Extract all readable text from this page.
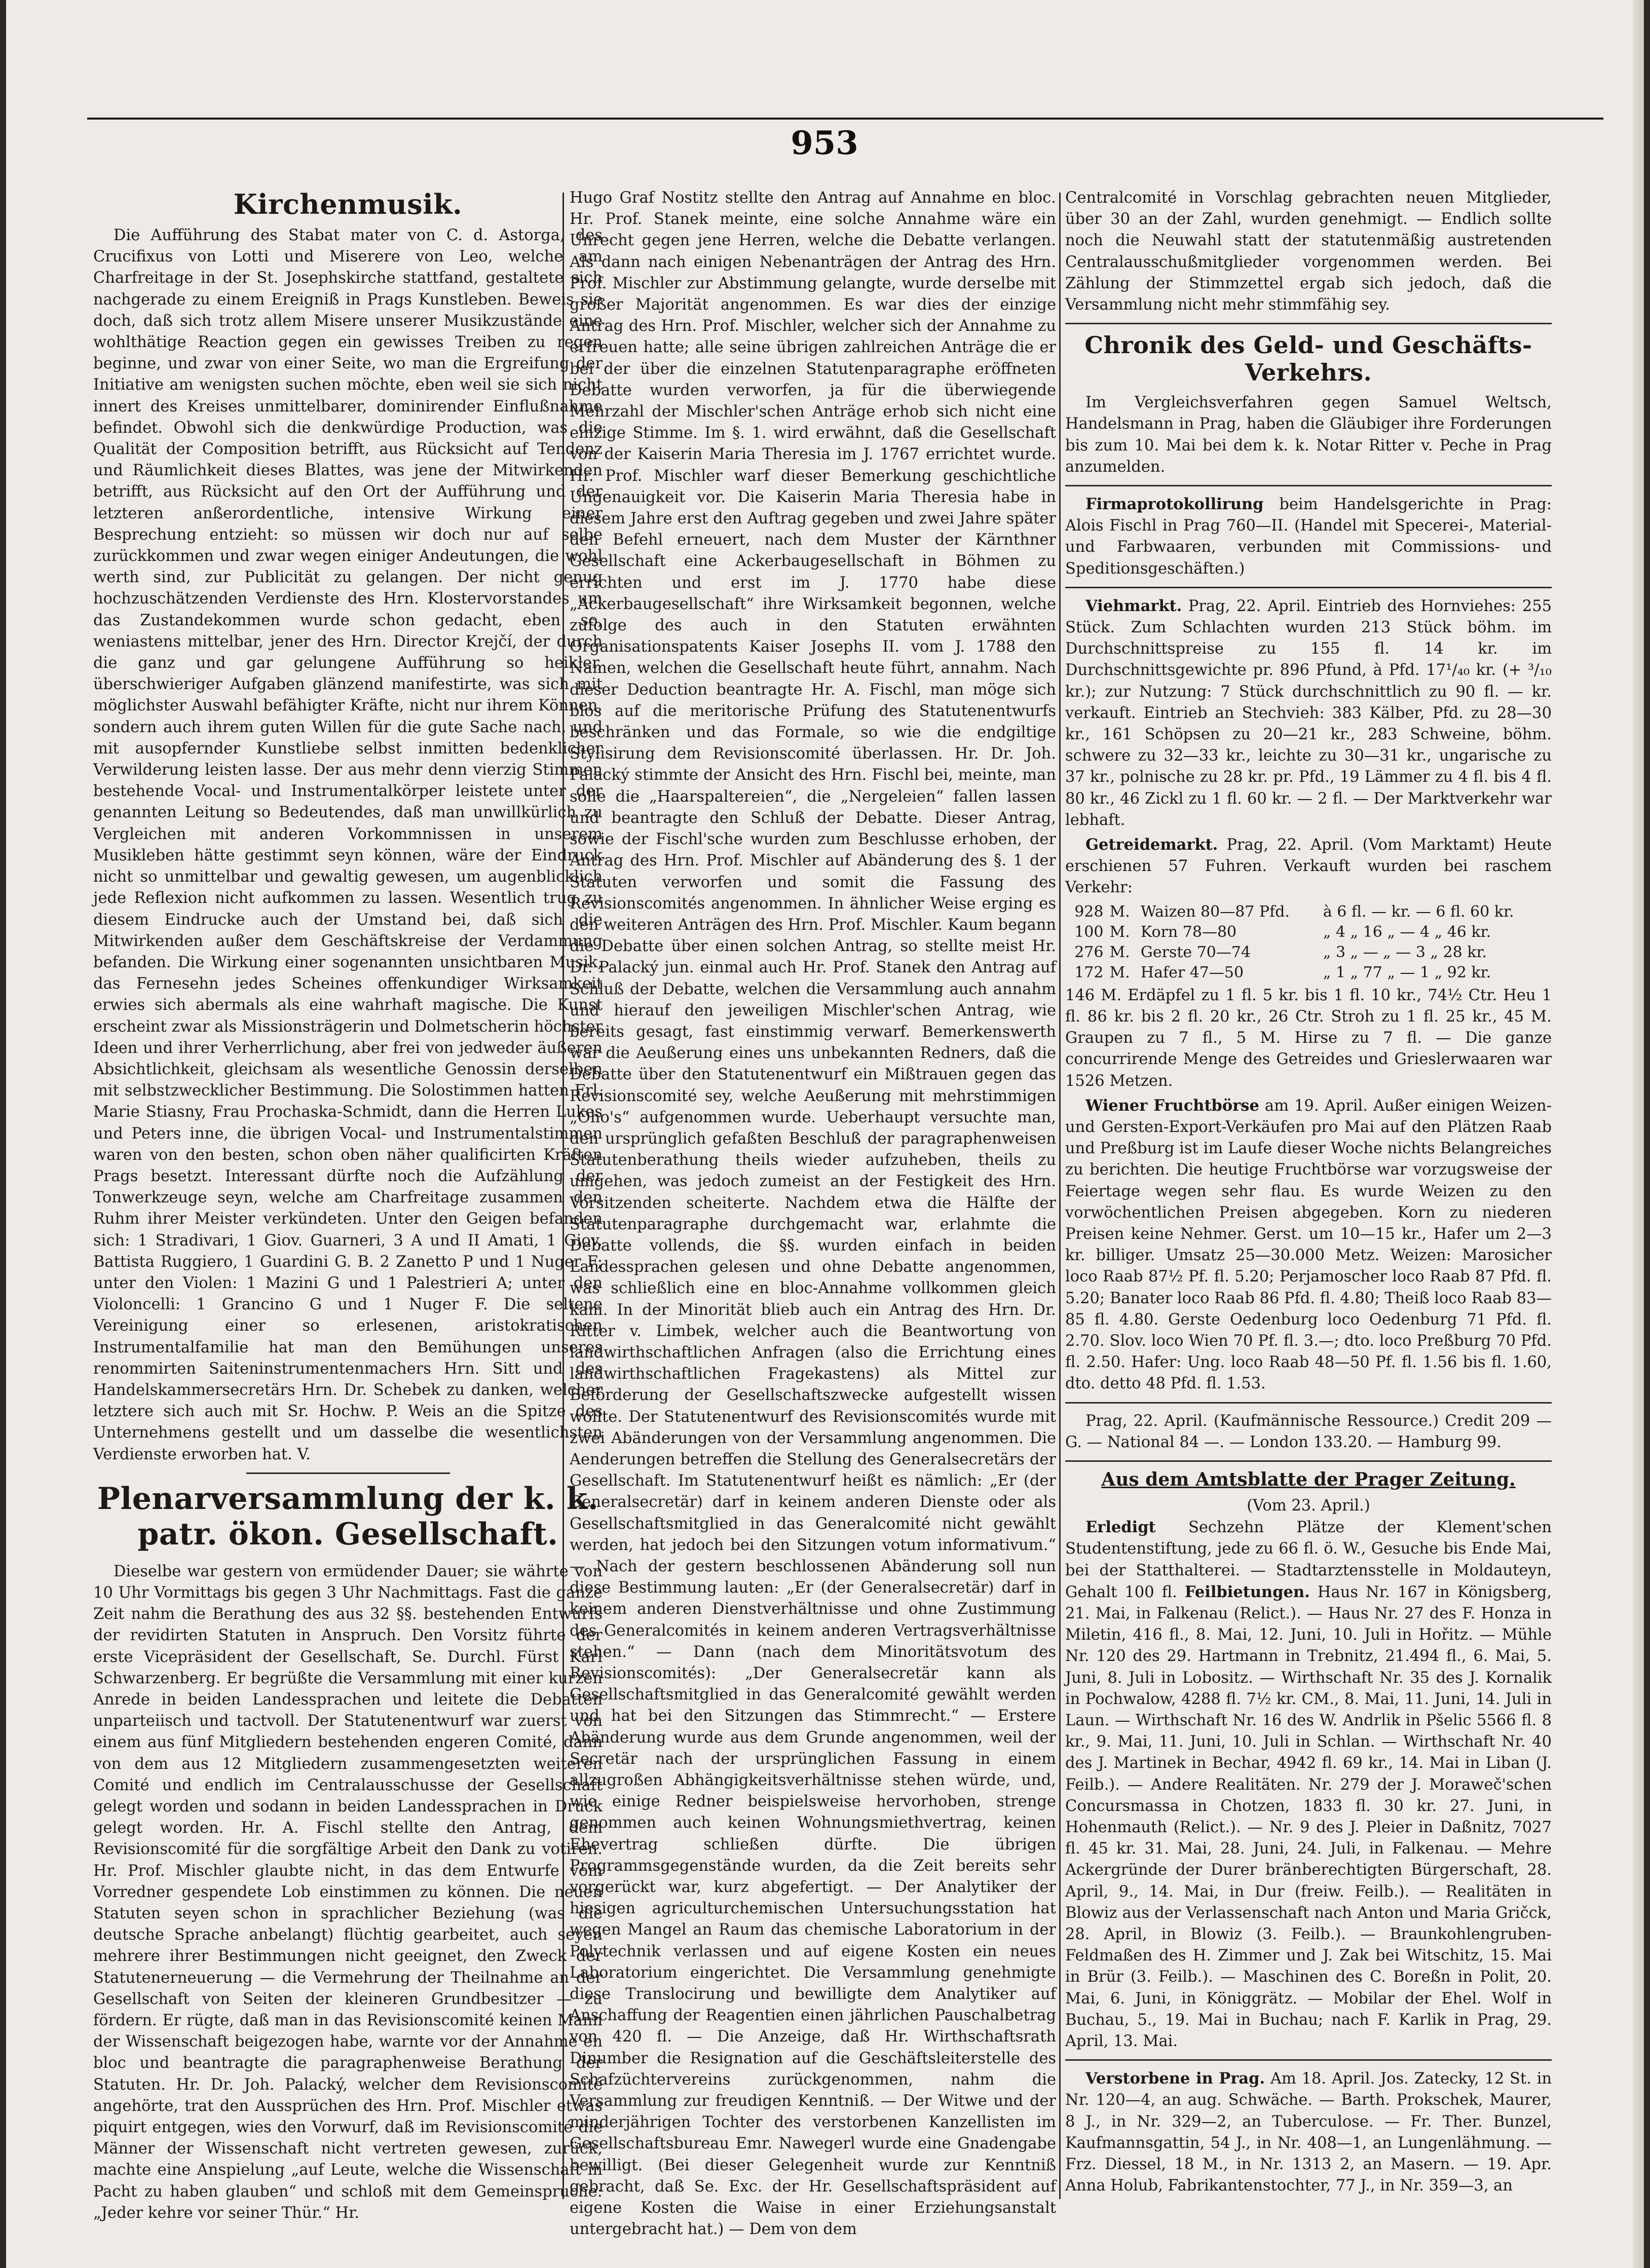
953
Kirchenmusik.

Die Aufführung des Stabat mater von C. d. Astorga, des Crucifixus von Lotti und Miserere von Leo, welche am Charfreitage in der St. Josephskirche stattfand, gestaltete sich nachgerade zu einem Ereigniß in Prags Kunstleben. Beweis sie doch, daß sich trotz allem Misere unserer Musikzustände eine wohlthätige Reaction gegen ein gewisses Treiben zu regen beginne, und zwar von einer Seite, wo man die Ergreifung der Initiative am wenigsten suchen möchte, eben weil sie sich nicht innert des Kreises unmittelbarer, dominirender Einflußnahme befindet. Obwohl sich die denkwürdige Production, was die Qualität der Composition betrifft, aus Rücksicht auf Tendenz und Räumlichkeit dieses Blattes, was jene der Mitwirkenden betrifft, aus Rücksicht auf den Ort der Aufführung und der letzteren anßerordentliche, intensive Wirkung einer Besprechung entzieht: so müssen wir doch nur auf selbe zurückkommen und zwar wegen einiger Andeutungen, die wohl werth sind, zur Publicität zu gelangen. Der nicht genug hochzuschätzenden Verdienste des Hrn. Klostervorstandes um das Zustandekommen wurde schon gedacht, eben so, weniastens mittelbar, jener des Hrn. Director Krejčí, der durch die ganz und gar gelungene Aufführung so heikler, überschwieriger Aufgaben glänzend manifestirte, was sich mit möglichster Auswahl befähigter Kräfte, nicht nur ihrem Können, sondern auch ihrem guten Willen für die gute Sache nach, und mit ausopfernder Kunstliebe selbst inmitten bedenklicher Verwilderung leisten lasse. Der aus mehr denn vierzig Stimmen bestehende Vocal- und Instrumentalkörper leistete unter der genannten Leitung so Bedeutendes, daß man unwillkürlich zu Vergleichen mit anderen Vorkommnissen in unserem Musikleben hätte gestimmt seyn können, wäre der Eindruck nicht so unmittelbar und gewaltig gewesen, um augenblicklich jede Reflexion nicht aufkommen zu lassen. Wesentlich trug zu diesem Eindrucke auch der Umstand bei, daß sich die Mitwirkenden außer dem Geschäftskreise der Verdammung befanden. Die Wirkung einer sogenannten unsichtbaren Musik, das Fernesehn jedes Scheines offenkundiger Wirksamkeit erwies sich abermals als eine wahrhaft magische. Die Kunst erscheint zwar als Missionsträgerin und Dolmetscherin höchster Ideen und ihrer Verherrlichung, aber frei von jedweder äußeren Absichtlichkeit, gleichsam als wesentliche Genossin derselben mit selbstzwecklicher Bestimmung. Die Solostimmen hatten Frl. Marie Stiasny, Frau Prochaska-Schmidt, dann die Herren Lukes und Peters inne, die übrigen Vocal- und Instrumentalstimmen waren von den besten, schon oben näher qualificirten Kräften Prags besetzt. Interessant dürfte noch die Aufzählung der Tonwerkzeuge seyn, welche am Charfreitage zusammen den Ruhm ihrer Meister verkündeten. Unter den Geigen befanden sich: 1 Stradivari, 1 Giov. Guarneri, 3 A und II Amati, 1 Giov. Battista Ruggiero, 1 Guardini G. B. 2 Zanetto P und 1 Nuger F; unter den Violen: 1 Mazini G und 1 Palestrieri A; unter den Violoncelli: 1 Grancino G und 1 Nuger F. Die seltene Vereinigung einer so erlesenen, aristokratischen Instrumentalfamilie hat man den Bemühungen unseres renommirten Saiteninstrumentenmachers Hrn. Sitt und des Handelskammersecretärs Hrn. Dr. Schebek zu danken, welcher letztere sich auch mit Sr. Hochw. P. Weis an die Spitze des Unternehmens gestellt und um dasselbe die wesentlichsten Verdienste erworben hat. V.

Plenarversammlung der k. k. patr. ökon. Gesellschaft.

Dieselbe war gestern von ermüdender Dauer; sie währte von 10 Uhr Vormittags bis gegen 3 Uhr Nachmittags. Fast die ganze Zeit nahm die Berathung des aus 32 §§. bestehenden Entwurfs der revidirten Statuten in Anspruch. Den Vorsitz führte der erste Vicepräsident der Gesellschaft, Se. Durchl. Fürst Karl Schwarzenberg. Er begrüßte die Versammlung mit einer kurzen Anrede in beiden Landessprachen und leitete die Debatten unparteiisch und tactvoll. Der Statutenentwurf war zuerst von einem aus fünf Mitgliedern bestehenden engeren Comité, dann von dem aus 12 Mitgliedern zusammengesetzten weiteren Comité und endlich im Centralausschusse der Gesellschaft gelegt worden und sodann in beiden Landessprachen in Druck gelegt worden. Hr. A. Fischl stellte den Antrag, dem Revisionscomité für die sorgfältige Arbeit den Dank zu votiren. Hr. Prof. Mischler glaubte nicht, in das dem Entwurfe vom Vorredner gespendete Lob einstimmen zu können. Die neuen Statuten seyen schon in sprachlicher Beziehung (was die deutsche Sprache anbelangt) flüchtig gearbeitet, auch seyen mehrere ihrer Bestimmungen nicht geeignet, den Zweck der Statutenerneuerung — die Vermehrung der Theilnahme an der Gesellschaft von Seiten der kleineren Grundbesitzer — zu fördern. Er rügte, daß man in das Revisionscomité keinen Mann der Wissenschaft beigezogen habe, warnte vor der Annahme en bloc und beantragte die paragraphenweise Berathung der Statuten. Hr. Dr. Joh. Palacký, welcher dem Revisionscomité angehörte, trat den Aussprüchen des Hrn. Prof. Mischler etwas piquirt entgegen, wies den Vorwurf, daß im Revisionscomité die Männer der Wissenschaft nicht vertreten gewesen, zurück, machte eine Anspielung „auf Leute, welche die Wissenschaft in Pacht zu haben glauben“ und schloß mit dem Gemeinspruche: „Jeder kehre vor seiner Thür.“ Hr.

Hugo Graf Nostitz stellte den Antrag auf Annahme en bloc. Hr. Prof. Stanek meinte, eine solche Annahme wäre ein Unrecht gegen jene Herren, welche die Debatte verlangen. Als dann nach einigen Nebenanträgen der Antrag des Hrn. Prof. Mischler zur Abstimmung gelangte, wurde derselbe mit großer Majorität angenommen. Es war dies der einzige Antrag des Hrn. Prof. Mischler, welcher sich der Annahme zu erfreuen hatte; alle seine übrigen zahlreichen Anträge die er bei der über die einzelnen Statutenparagraphe eröffneten Debatte wurden verworfen, ja für die überwiegende Mehrzahl der Mischler'schen Anträge erhob sich nicht eine einzige Stimme. Im §. 1. wird erwähnt, daß die Gesellschaft von der Kaiserin Maria Theresia im J. 1767 errichtet wurde. Hr. Prof. Mischler warf dieser Bemerkung geschichtliche Ungenauigkeit vor. Die Kaiserin Maria Theresia habe in diesem Jahre erst den Auftrag gegeben und zwei Jahre später den Befehl erneuert, nach dem Muster der Kärnthner Gesellschaft eine Ackerbaugesellschaft in Böhmen zu errichten und erst im J. 1770 habe diese „Ackerbaugesellschaft“ ihre Wirksamkeit begonnen, welche zufolge des auch in den Statuten erwähnten Organisationspatents Kaiser Josephs II. vom J. 1788 den Namen, welchen die Gesellschaft heute führt, annahm. Nach dieser Deduction beantragte Hr. A. Fischl, man möge sich blos auf die meritorische Prüfung des Statutenentwurfs beschränken und das Formale, so wie die endgiltige Stylisirung dem Revisionscomité überlassen. Hr. Dr. Joh. Palacký stimmte der Ansicht des Hrn. Fischl bei, meinte, man solle die „Haarspaltereien“, die „Nergeleien“ fallen lassen und beantragte den Schluß der Debatte. Dieser Antrag, sowie der Fischl'sche wurden zum Beschlusse erhoben, der Antrag des Hrn. Prof. Mischler auf Abänderung des §. 1 der Statuten verworfen und somit die Fassung des Revisionscomités angenommen. In ähnlicher Weise erging es den weiteren Anträgen des Hrn. Prof. Mischler. Kaum begann die Debatte über einen solchen Antrag, so stellte meist Hr. Dr. Palacký jun. einmal auch Hr. Prof. Stanek den Antrag auf Schluß der Debatte, welchen die Versammlung auch annahm und hierauf den jeweiligen Mischler'schen Antrag, wie bereits gesagt, fast einstimmig verwarf. Bemerkenswerth war die Aeußerung eines uns unbekannten Redners, daß die Debatte über den Statutenentwurf ein Mißtrauen gegen das Revisionscomité sey, welche Aeußerung mit mehrstimmigen „Oho's“ aufgenommen wurde. Ueberhaupt versuchte man, den ursprünglich gefaßten Beschluß der paragraphenweisen Statutenberathung theils wieder aufzuheben, theils zu umgehen, was jedoch zumeist an der Festigkeit des Hrn. Vorsitzenden scheiterte. Nachdem etwa die Hälfte der Statutenparagraphe durchgemacht war, erlahmte die Debatte vollends, die §§. wurden einfach in beiden Landessprachen gelesen und ohne Debatte angenommen, was schließlich eine en bloc-Annahme vollkommen gleich kam. In der Minorität blieb auch ein Antrag des Hrn. Dr. Ritter v. Limbek, welcher auch die Beantwortung von landwirthschaftlichen Anfragen (also die Errichtung eines landwirthschaftlichen Fragekastens) als Mittel zur Beförderung der Gesellschaftszwecke aufgestellt wissen wollte. Der Statutenentwurf des Revisionscomités wurde mit zwei Abänderungen von der Versammlung angenommen. Die Aenderungen betreffen die Stellung des Generalsecretärs der Gesellschaft. Im Statutenentwurf heißt es nämlich: „Er (der Generalsecretär) darf in keinem anderen Dienste oder als Gesellschaftsmitglied in das Generalcomité nicht gewählt werden, hat jedoch bei den Sitzungen votum informativum.“ — Nach der gestern beschlossenen Abänderung soll nun diese Bestimmung lauten: „Er (der Generalsecretär) darf in keinem anderen Dienstverhältnisse und ohne Zustimmung des Generalcomités in keinem anderen Vertragsverhältnisse stehen.“ — Dann (nach dem Minoritätsvotum des Revisionscomités): „Der Generalsecretär kann als Gesellschaftsmitglied in das Generalcomité gewählt werden und hat bei den Sitzungen das Stimmrecht.“ — Erstere Abänderung wurde aus dem Grunde angenommen, weil der Secretär nach der ursprünglichen Fassung in einem allzugroßen Abhängigkeitsverhältnisse stehen würde, und, wie einige Redner beispielsweise hervorhoben, strenge genommen auch keinen Wohnungsmiethvertrag, keinen Ehevertrag schließen dürfte. Die übrigen Programmsgegenstände wurden, da die Zeit bereits sehr vorgerückt war, kurz abgefertigt. — Der Analytiker der hiesigen agriculturchemischen Untersuchungsstation hat wegen Mangel an Raum das chemische Laboratorium in der Polytechnik verlassen und auf eigene Kosten ein neues Laboratorium eingerichtet. Die Versammlung genehmigte diese Translocirung und bewilligte dem Analytiker auf Anschaffung der Reagentien einen jährlichen Pauschalbetrag von 420 fl. — Die Anzeige, daß Hr. Wirthschaftsrath Dinumber die Resignation auf die Geschäftsleiterstelle des Schafzüchtervereins zurückgenommen, nahm die Versammlung zur freudigen Kenntniß. — Der Witwe und der minderjährigen Tochter des verstorbenen Kanzellisten im Gesellschaftsbureau Emr. Nawegerl wurde eine Gnadengabe bewilligt. (Bei dieser Gelegenheit wurde zur Kenntniß gebracht, daß Se. Exc. der Hr. Gesellschaftspräsident auf eigene Kosten die Waise in einer Erziehungsanstalt untergebracht hat.) — Dem von dem

Centralcomité in Vorschlag gebrachten neuen Mitglieder, über 30 an der Zahl, wurden genehmigt. — Endlich sollte noch die Neuwahl statt der statutenmäßig austretenden Centralausschußmitglieder vorgenommen werden. Bei Zählung der Stimmzettel ergab sich jedoch, daß die Versammlung nicht mehr stimmfähig sey.

Chronik des Geld- und Geschäfts-Verkehrs.

Im Vergleichsverfahren gegen Samuel Weltsch, Handelsmann in Prag, haben die Gläubiger ihre Forderungen bis zum 10. Mai bei dem k. k. Notar Ritter v. Peche in Prag anzumelden.

Firmaprotokollirung beim Handelsgerichte in Prag: Alois Fischl in Prag 760—II. (Handel mit Specerei-, Material- und Farbwaaren, verbunden mit Commissions- und Speditionsgeschäften.)

Viehmarkt. Prag, 22. April. Eintrieb des Hornviehes: 255 Stück. Zum Schlachten wurden 213 Stück böhm. im Durchschnittspreise zu 155 fl. 14 kr. im Durchschnittsgewichte pr. 896 Pfund, à Pfd. 17¹/₄₀ kr. (+ ³/₁₀ kr.); zur Nutzung: 7 Stück durchschnittlich zu 90 fl. — kr. verkauft. Eintrieb an Stechvieh: 383 Kälber, Pfd. zu 28—30 kr., 161 Schöpsen zu 20—21 kr., 283 Schweine, böhm. schwere zu 32—33 kr., leichte zu 30—31 kr., ungarische zu 37 kr., polnische zu 28 kr. pr. Pfd., 19 Lämmer zu 4 fl. bis 4 fl. 80 kr., 46 Zickl zu 1 fl. 60 kr. — 2 fl. — Der Marktverkehr war lebhaft.

Getreidemarkt. Prag, 22. April. (Vom Marktamt) Heute erschienen 57 Fuhren. Verkauft wurden bei raschem Verkehr:

928	M.	Waizen 80—87 Pfd.	à 6 fl. — kr. — 6 fl. 60 kr.
100	M.	Korn 78—80	„ 4 „ 16 „ — 4 „ 46 kr.
276	M.	Gerste 70—74	„ 3 „ — „ — 3 „ 28 kr.
172	M.	Hafer 47—50	„ 1 „ 77 „ — 1 „ 92 kr.

146 M. Erdäpfel zu 1 fl. 5 kr. bis 1 fl. 10 kr., 74½ Ctr. Heu 1 fl. 86 kr. bis 2 fl. 20 kr., 26 Ctr. Stroh zu 1 fl. 25 kr., 45 M. Graupen zu 7 fl., 5 M. Hirse zu 7 fl. — Die ganze concurrirende Menge des Getreides und Grieslerwaaren war 1526 Metzen.

Wiener Fruchtbörse am 19. April. Außer einigen Weizen- und Gersten-Export-Verkäufen pro Mai auf den Plätzen Raab und Preßburg ist im Laufe dieser Woche nichts Belangreiches zu berichten. Die heutige Fruchtbörse war vorzugsweise der Feiertage wegen sehr flau. Es wurde Weizen zu den vorwöchentlichen Preisen abgegeben. Korn zu niederen Preisen keine Nehmer. Gerst. um 10—15 kr., Hafer um 2—3 kr. billiger. Umsatz 25—30.000 Metz. Weizen: Marosicher loco Raab 87½ Pf. fl. 5.20; Perjamoscher loco Raab 87 Pfd. fl. 5.20; Banater loco Raab 86 Pfd. fl. 4.80; Theiß loco Raab 83—85 fl. 4.80. Gerste Oedenburg loco Oedenburg 71 Pfd. fl. 2.70. Slov. loco Wien 70 Pf. fl. 3.—; dto. loco Preßburg 70 Pfd. fl. 2.50. Hafer: Ung. loco Raab 48—50 Pf. fl. 1.56 bis fl. 1.60, dto. detto 48 Pfd. fl. 1.53.

Prag, 22. April. (Kaufmännische Ressource.) Credit 209 — G. — National 84 —. — London 133.20. — Hamburg 99.

Aus dem Amtsblatte der Prager Zeitung.
(Vom 23. April.)

Erledigt Sechzehn Plätze der Klement'schen Studentenstiftung, jede zu 66 fl. ö. W., Gesuche bis Ende Mai, bei der Statthalterei. — Stadtarztensstelle in Moldauteyn, Gehalt 100 fl. Feilbietungen. Haus Nr. 167 in Königsberg, 21. Mai, in Falkenau (Relict.). — Haus Nr. 27 des F. Honza in Miletin, 416 fl., 8. Mai, 12. Juni, 10. Juli in Hořitz. — Mühle Nr. 120 des 29. Hartmann in Trebnitz, 21.494 fl., 6. Mai, 5. Juni, 8. Juli in Lobositz. — Wirthschaft Nr. 35 des J. Kornalik in Pochwalow, 4288 fl. 7½ kr. CM., 8. Mai, 11. Juni, 14. Juli in Laun. — Wirthschaft Nr. 16 des W. Andrlik in Pšelic 5566 fl. 8 kr., 9. Mai, 11. Juni, 10. Juli in Schlan. — Wirthschaft Nr. 40 des J. Martinek in Bechar, 4942 fl. 69 kr., 14. Mai in Liban (J. Feilb.). — Andere Realitäten. Nr. 279 der J. Moraweč'schen Concursmassa in Chotzen, 1833 fl. 30 kr. 27. Juni, in Hohenmauth (Relict.). — Nr. 9 des J. Pleier in Daßnitz, 7027 fl. 45 kr. 31. Mai, 28. Juni, 24. Juli, in Falkenau. — Mehre Ackergründe der Durer bränberechtigten Bürgerschaft, 28. April, 9., 14. Mai, in Dur (freiw. Feilb.). — Realitäten in Blowiz aus der Verlassenschaft nach Anton und Maria Gričck, 28. April, in Blowiz (3. Feilb.). — Braunkohlengruben-Feldmaßen des H. Zimmer und J. Zak bei Witschitz, 15. Mai in Brür (3. Feilb.). — Maschinen des C. Boreßn in Polit, 20. Mai, 6. Juni, in Königgrätz. — Mobilar der Ehel. Wolf in Buchau, 5., 19. Mai in Buchau; nach F. Karlik in Prag, 29. April, 13. Mai.

Verstorbene in Prag. Am 18. April. Jos. Zatecky, 12 St. in Nr. 120—4, an aug. Schwäche. — Barth. Prokschek, Maurer, 8 J., in Nr. 329—2, an Tuberculose. — Fr. Ther. Bunzel, Kaufmannsgattin, 54 J., in Nr. 408—1, an Lungenlähmung. — Frz. Diessel, 18 M., in Nr. 1313 2, an Masern. — 19. Apr. Anna Holub, Fabrikantenstochter, 77 J., in Nr. 359—3, an
